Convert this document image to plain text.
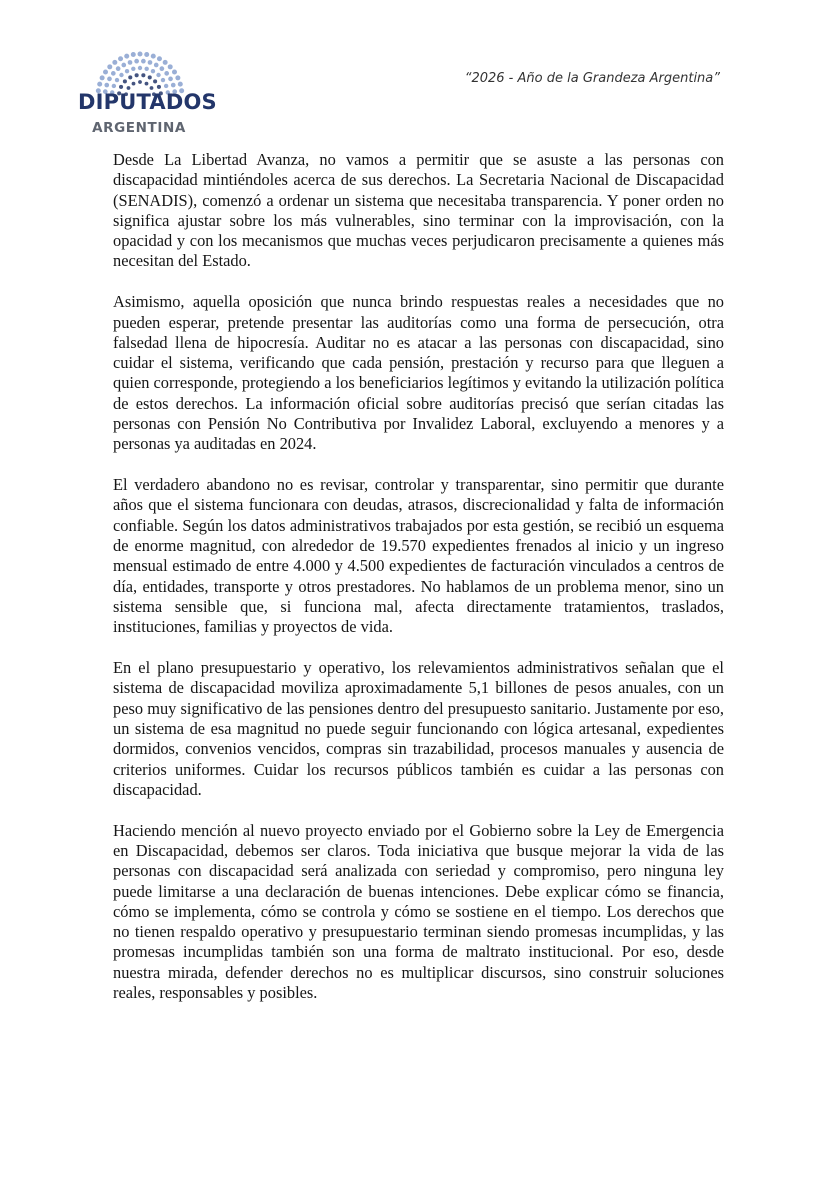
DIPUTADOS
ARGENTINA
“2026 - Año de la Grandeza Argentina”

Desde La Libertad Avanza, no vamos a permitir que se asuste a las personas con discapacidad mintiéndoles acerca de sus derechos. La Secretaria Nacional de Discapacidad (SENADIS), comenzó a ordenar un sistema que necesitaba transparencia. Y poner orden no significa ajustar sobre los más vulnerables, sino terminar con la improvisación, con la opacidad y con los mecanismos que muchas veces perjudicaron precisamente a quienes más necesitan del Estado.

Asimismo, aquella oposición que nunca brindo respuestas reales a necesidades que no pueden esperar, pretende presentar las auditorías como una forma de persecución, otra falsedad llena de hipocresía. Auditar no es atacar a las personas con discapacidad, sino cuidar el sistema, verificando que cada pensión, prestación y recurso para que lleguen a quien corresponde, protegiendo a los beneficiarios legítimos y evitando la utilización política de estos derechos. La información oficial sobre auditorías precisó que serían citadas las personas con Pensión No Contributiva por Invalidez Laboral, excluyendo a menores y a personas ya auditadas en 2024.

El verdadero abandono no es revisar, controlar y transparentar, sino permitir que durante años que el sistema funcionara con deudas, atrasos, discrecionalidad y falta de información confiable. Según los datos administrativos trabajados por esta gestión, se recibió un esquema de enorme magnitud, con alrededor de 19.570 expedientes frenados al inicio y un ingreso mensual estimado de entre 4.000 y 4.500 expedientes de facturación vinculados a centros de día, entidades, transporte y otros prestadores. No hablamos de un problema menor, sino un sistema sensible que, si funciona mal, afecta directamente tratamientos, traslados, instituciones, familias y proyectos de vida.

En el plano presupuestario y operativo, los relevamientos administrativos señalan que el sistema de discapacidad moviliza aproximadamente 5,1 billones de pesos anuales, con un peso muy significativo de las pensiones dentro del presupuesto sanitario. Justamente por eso, un sistema de esa magnitud no puede seguir funcionando con lógica artesanal, expedientes dormidos, convenios vencidos, compras sin trazabilidad, procesos manuales y ausencia de criterios uniformes. Cuidar los recursos públicos también es cuidar a las personas con discapacidad.

Haciendo mención al nuevo proyecto enviado por el Gobierno sobre la Ley de Emergencia en Discapacidad, debemos ser claros. Toda iniciativa que busque mejorar la vida de las personas con discapacidad será analizada con seriedad y compromiso, pero ninguna ley puede limitarse a una declaración de buenas intenciones. Debe explicar cómo se financia, cómo se implementa, cómo se controla y cómo se sostiene en el tiempo. Los derechos que no tienen respaldo operativo y presupuestario terminan siendo promesas incumplidas, y las promesas incumplidas también son una forma de maltrato institucional. Por eso, desde nuestra mirada, defender derechos no es multiplicar discursos, sino construir soluciones reales, responsables y posibles.
